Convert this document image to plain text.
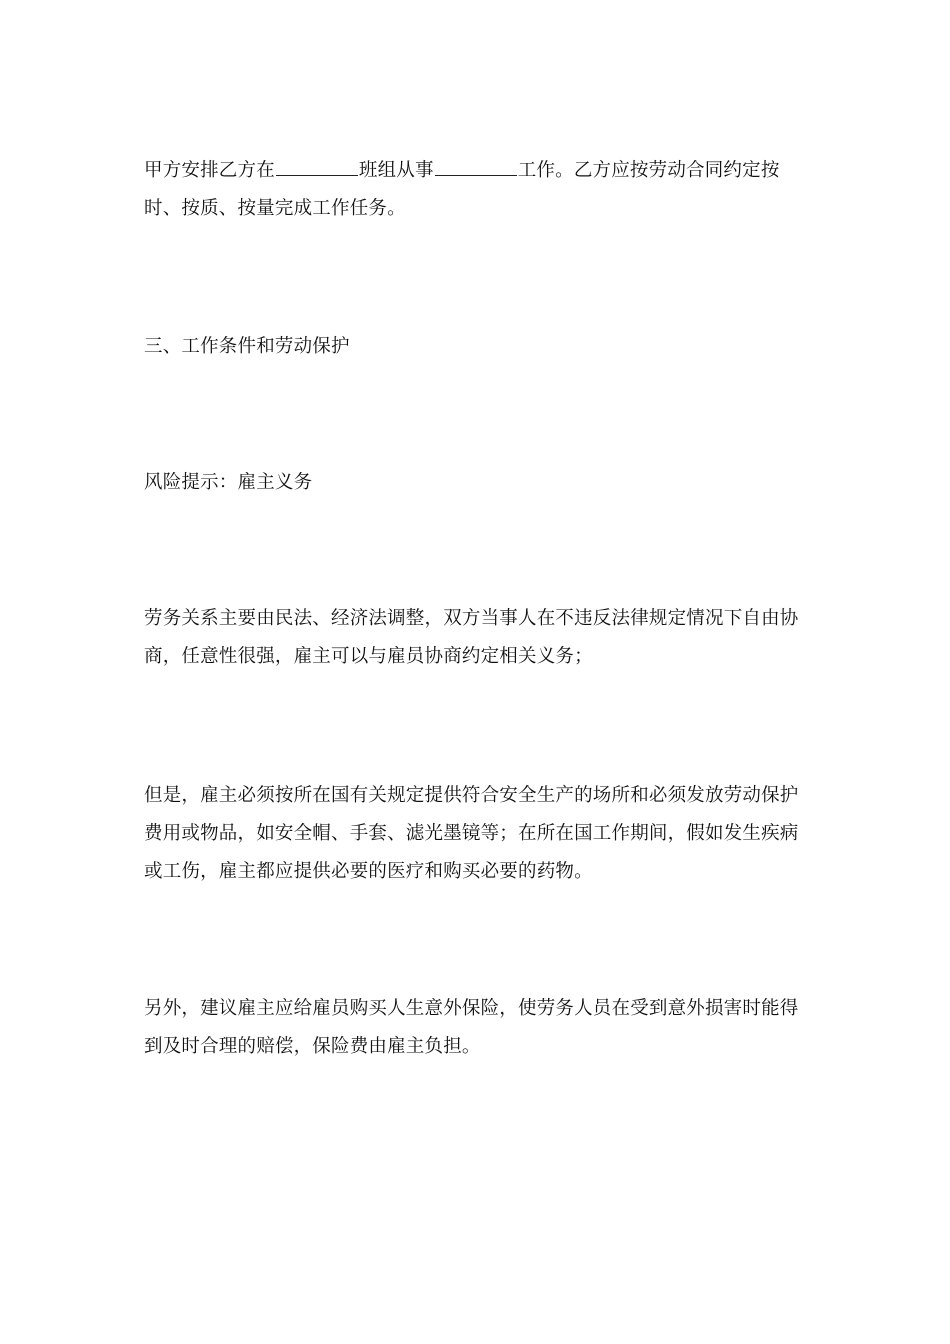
甲方安排乙方在	班组从事	工作。乙方应按劳动合同约定按时、按质、按量完成工作任务。

三、工作条件和劳动保护

风险提示：雇主义务

劳务关系主要由民法、经济法调整，双方当事人在不违反法律规定情况下自由协商，任意性很强，雇主可以与雇员协商约定相关义务；

但是，雇主必须按所在国有关规定提供符合安全生产的场所和必须发放劳动保护费用或物品，如安全帽、手套、滤光墨镜等；在所在国工作期间，假如发生疾病或工伤，雇主都应提供必要的医疗和购买必要的药物。

另外，建议雇主应给雇员购买人生意外保险，使劳务人员在受到意外损害时能得到及时合理的赔偿，保险费由雇主负担。
